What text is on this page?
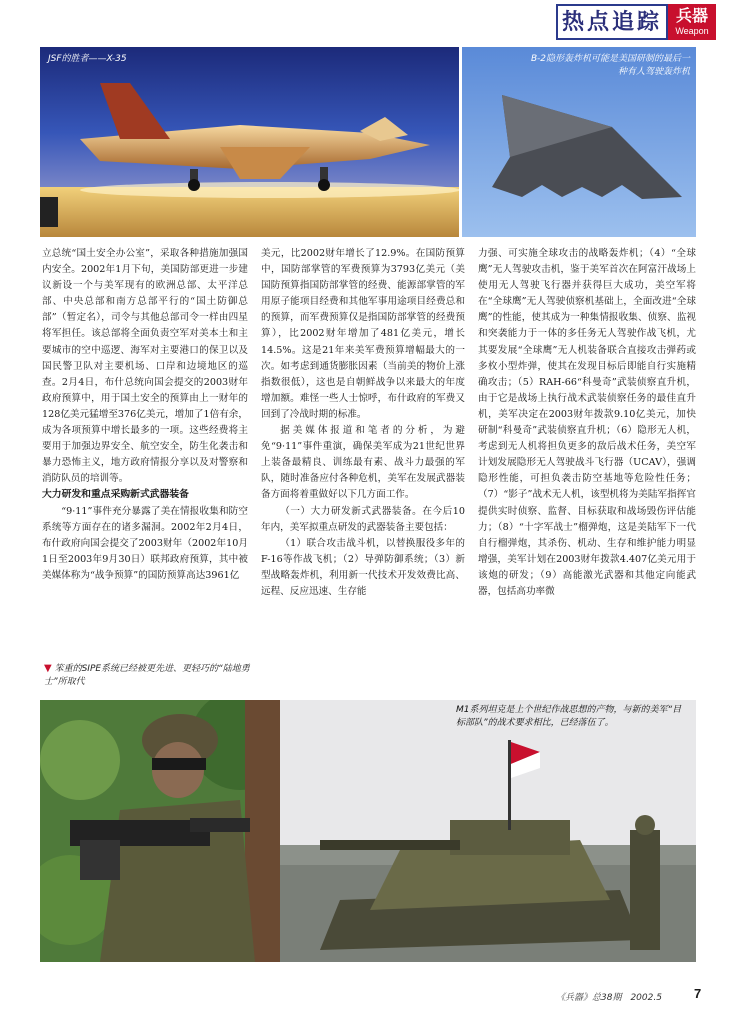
热点追踪 兵器
Weapon
JSF的胜者——X-35	B-2隐形轰炸机可能是美国研制的最后一种有人驾驶轰炸机

立总统“国土安全办公室”，采取各种措施加强国内安全。2002年1月下旬，美国防部更进一步建议新设一个与美军现有的欧洲总部、太平洋总部、中央总部和南方总部平行的“国土防御总部”（暂定名），司令与其他总部司令一样由四星将军担任。该总部将全面负责空军对美本土和主要城市的空中巡逻、海军对主要港口的保卫以及国民警卫队对主要机场、口岸和边境地区的巡查。2月4日，布什总统向国会提交的2003财年政府预算中，用于国土安全的预算由上一财年的128亿美元猛增至376亿美元，增加了1倍有余，成为各项预算中增长最多的一项。这些经费将主要用于加强边界安全、航空安全，防生化袭击和暴力恐怖主义，地方政府情报分享以及对警察和消防队员的培训等。

大力研发和重点采购新式武器装备

“9·11”事件充分暴露了美在情报收集和防空系统等方面存在的诸多漏洞。2002年2月4日，布什政府向国会提交了2003财年（2002年10月1日至2003年9月30日）联邦政府预算，其中被美媒体称为“战争预算”的国防预算高达3961亿

▼ 笨重的SIPE系统已经被更先进、更轻巧的“陆地勇士”所取代

美元，比2002财年增长了12.9%。在国防预算中，国防部掌管的军费预算为3793亿美元（美国防预算指国防部掌管的经费、能源部掌管的军用原子能项目经费和其他军事用途项目经费总和的预算，而军费预算仅是指国防部掌管的经费预算），比2002财年增加了481亿美元，增长14.5%。这是21年来美军费预算增幅最大的一次。如考虑到通货膨胀因素（当前美的物价上涨指数很低），这也是自朝鲜战争以来最大的年度增加额。难怪一些人士惊呼，布什政府的军费又回到了冷战时期的标准。

据美媒体报道和笔者的分析，为避免“9·11”事件重演，确保美军成为21世纪世界上装备最精良、训练最有素、战斗力最强的军队，随时准备应付各种危机，美军在发展武器装备方面将着重做好以下几方面工作。

（一）大力研发新式武器装备。在今后10年内，美军拟重点研发的武器装备主要包括：

（1）联合攻击战斗机，以替换服役多年的F-16等作战飞机；（2）导弹防御系统；（3）新型战略轰炸机，利用新一代技术开发效费比高、远程、反应迅速、生存能

力强、可实施全球攻击的战略轰炸机；（4）“全球鹰”无人驾驶攻击机，鉴于美军首次在阿富汗战场上使用无人驾驶飞行器并获得巨大成功，美空军将在“全球鹰”无人驾驶侦察机基础上，全面改进“全球鹰”的性能，使其成为一种集情报收集、侦察、监视和突袭能力于一体的多任务无人驾驶作战飞机，尤其要发展“全球鹰”无人机装备联合直接攻击弹药或多枚小型炸弹，使其在发现目标后即能自行实施精确攻击；（5）RAH-66“科曼奇”武装侦察直升机，由于它是战场上执行战术武装侦察任务的最佳直升机，美军决定在2003财年拨款9.10亿美元，加快研制“科曼奇”武装侦察直升机；（6）隐形无人机，考虑到无人机将担负更多的敌后战术任务，美空军计划发展隐形无人驾驶战斗飞行器（UCAV），强调隐形性能，可担负袭击防空基地等危险性任务；（7）“影子”战术无人机，该型机将为美陆军指挥官提供实时侦察、监督、目标获取和战场毁伤评估能力；（8）“十字军战士”榴弹炮，这是美陆军下一代自行榴弹炮，其杀伤、机动、生存和维护能力明显增强，美军计划在2003财年拨款4.407亿美元用于该炮的研发；（9）高能激光武器和其他定向能武器，包括高功率微

M1系列坦克是上个世纪作战思想的产物，与新的美军“目标部队”的战术要求相比，已经落伍了。
《兵器》总38期　2002.5 7
